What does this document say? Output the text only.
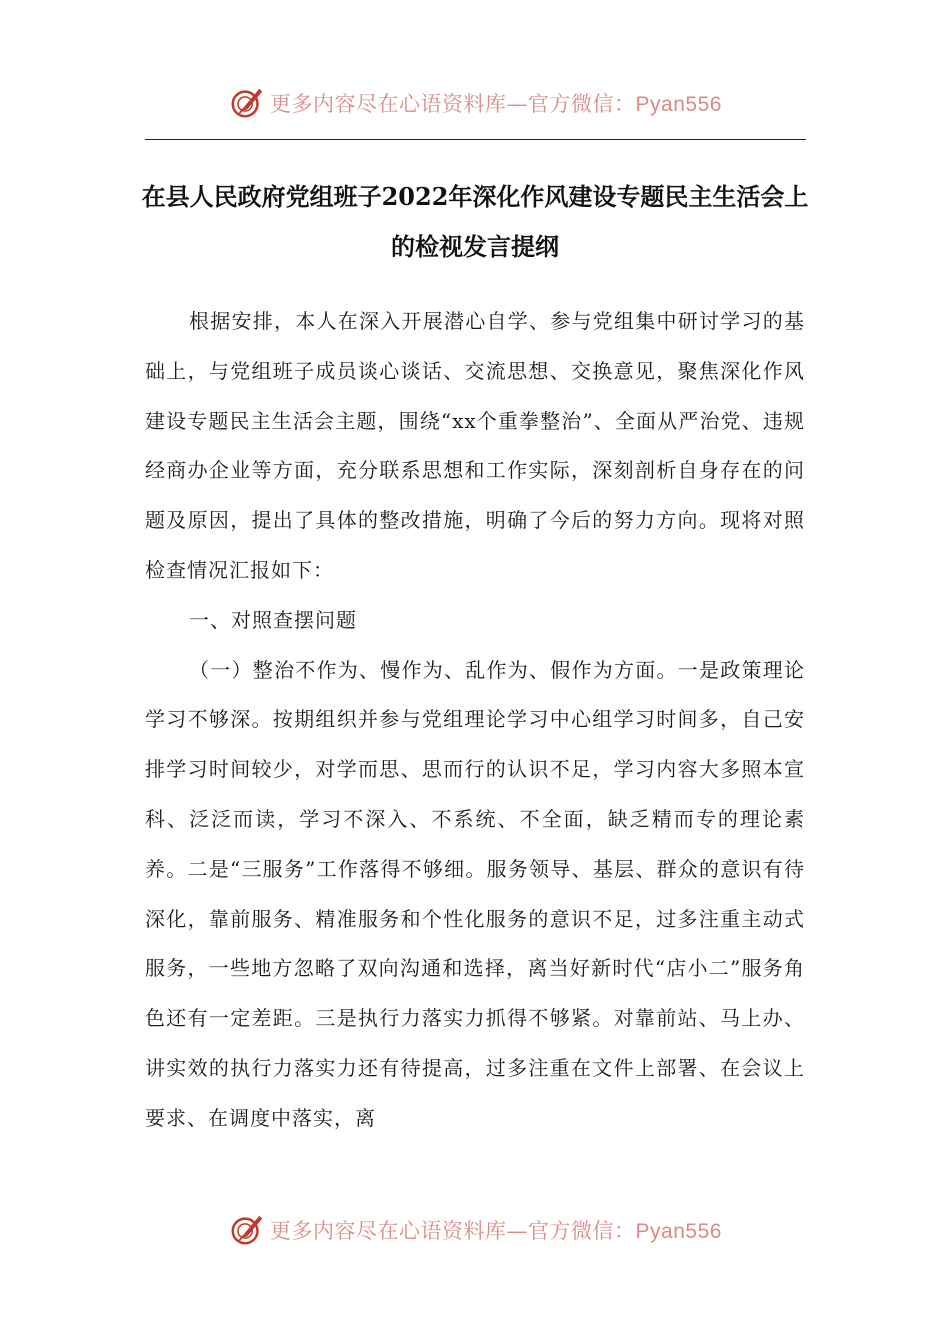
更多内容尽在心语资料库—官方微信：Pyan556
在县人民政府党组班子2022年深化作风建设专题民主生活会上的检视发言提纲

根据安排，本人在深入开展潜心自学、参与党组集中研讨学习的基础上，与党组班子成员谈心谈话、交流思想、交换意见，聚焦深化作风建设专题民主生活会主题，围绕“xx个重拳整治”、全面从严治党、违规经商办企业等方面，充分联系思想和工作实际，深刻剖析自身存在的问题及原因，提出了具体的整改措施，明确了今后的努力方向。现将对照检查情况汇报如下：

一、对照查摆问题

（一）整治不作为、慢作为、乱作为、假作为方面。一是政策理论学习不够深。按期组织并参与党组理论学习中心组学习时间多，自己安排学习时间较少，对学而思、思而行的认识不足，学习内容大多照本宣科、泛泛而读，学习不深入、不系统、不全面，缺乏精而专的理论素养。二是“三服务”工作落得不够细。服务领导、基层、群众的意识有待深化，靠前服务、精准服务和个性化服务的意识不足，过多注重主动式服务，一些地方忽略了双向沟通和选择，离当好新时代“店小二”服务角色还有一定差距。三是执行力落实力抓得不够紧。对靠前站、马上办、讲实效的执行力落实力还有待提高，过多注重在文件上部署、在会议上要求、在调度中落实，离

更多内容尽在心语资料库—官方微信：Pyan556
